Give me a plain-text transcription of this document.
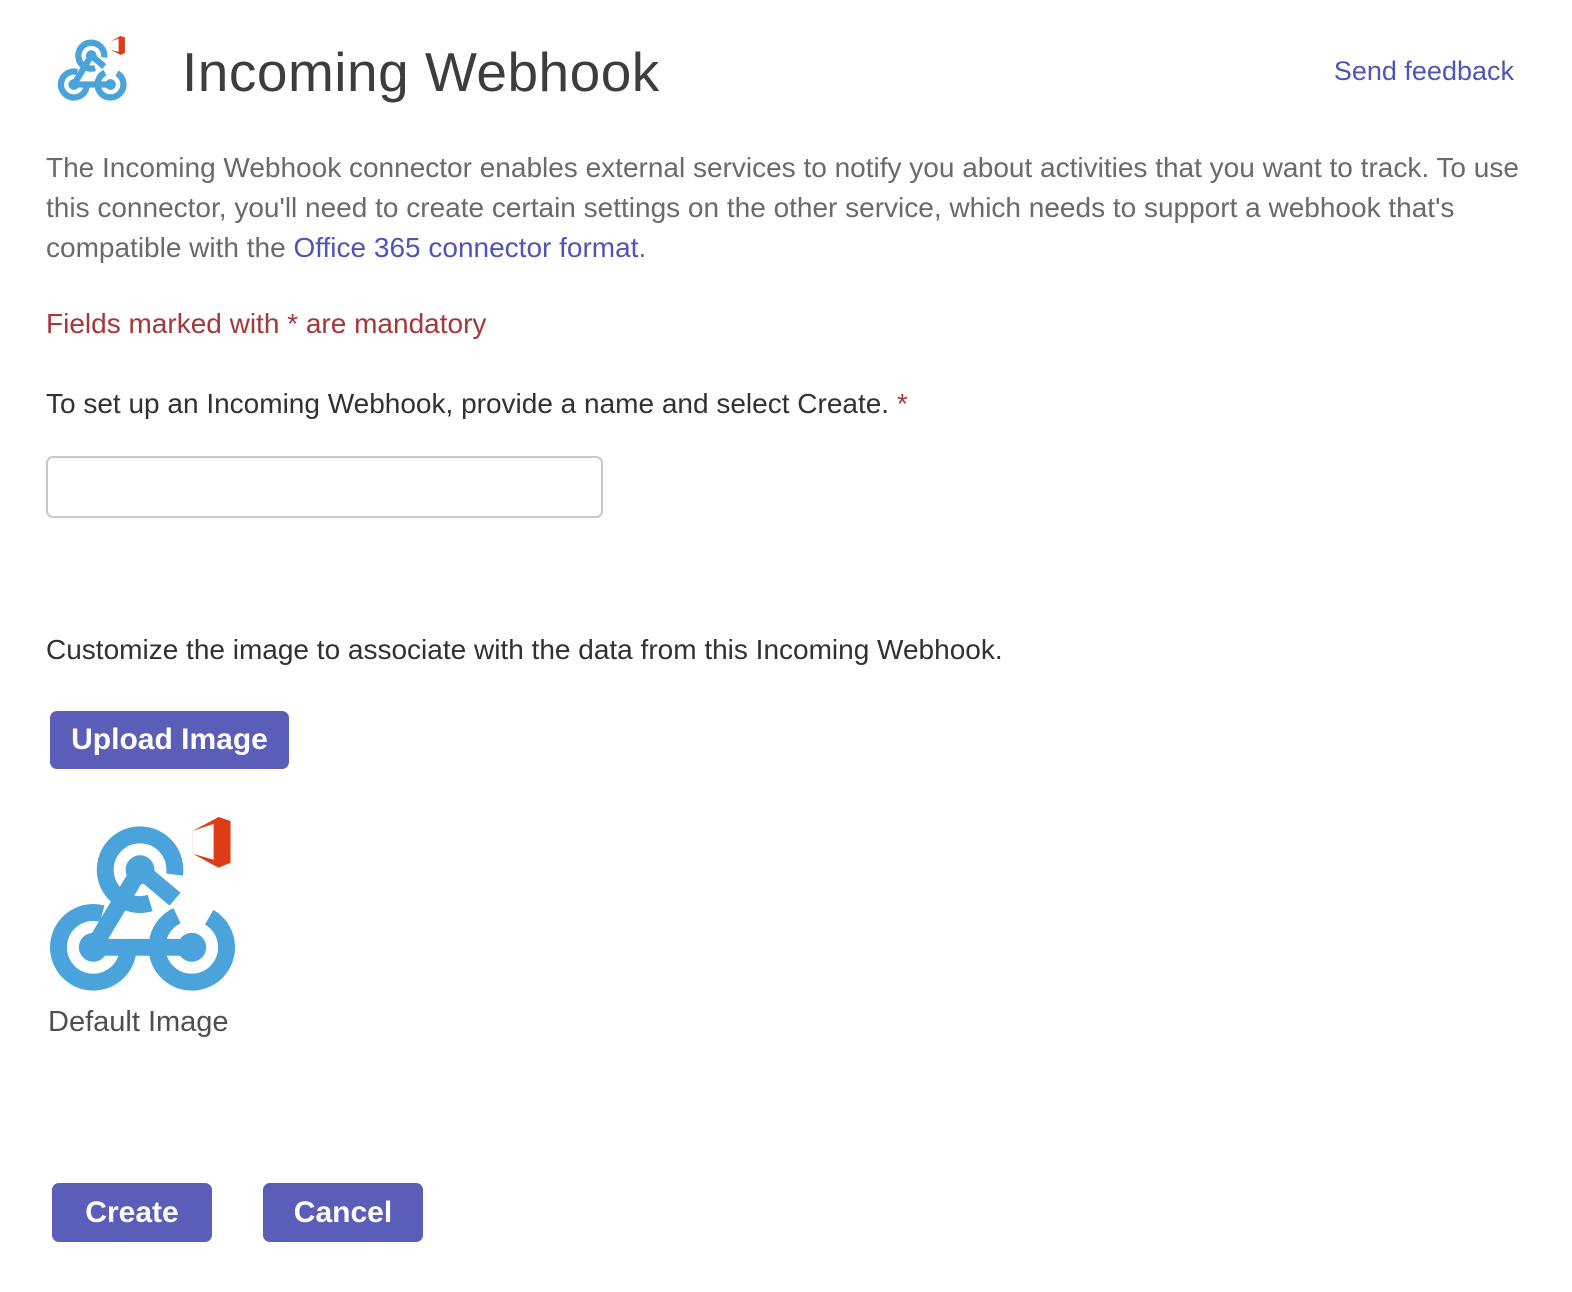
Incoming Webhook	Send feedback

The Incoming Webhook connector enables external services to notify you about activities that you want to track. To use this connector, you'll need to create certain settings on the other service, which needs to support a webhook that's compatible with the Office 365 connector format.

Fields marked with * are mandatory
To set up an Incoming Webhook, provide a name and select Create. *
Customize the image to associate with the data from this Incoming Webhook.
Upload Image
Default Image
Create	Cancel
